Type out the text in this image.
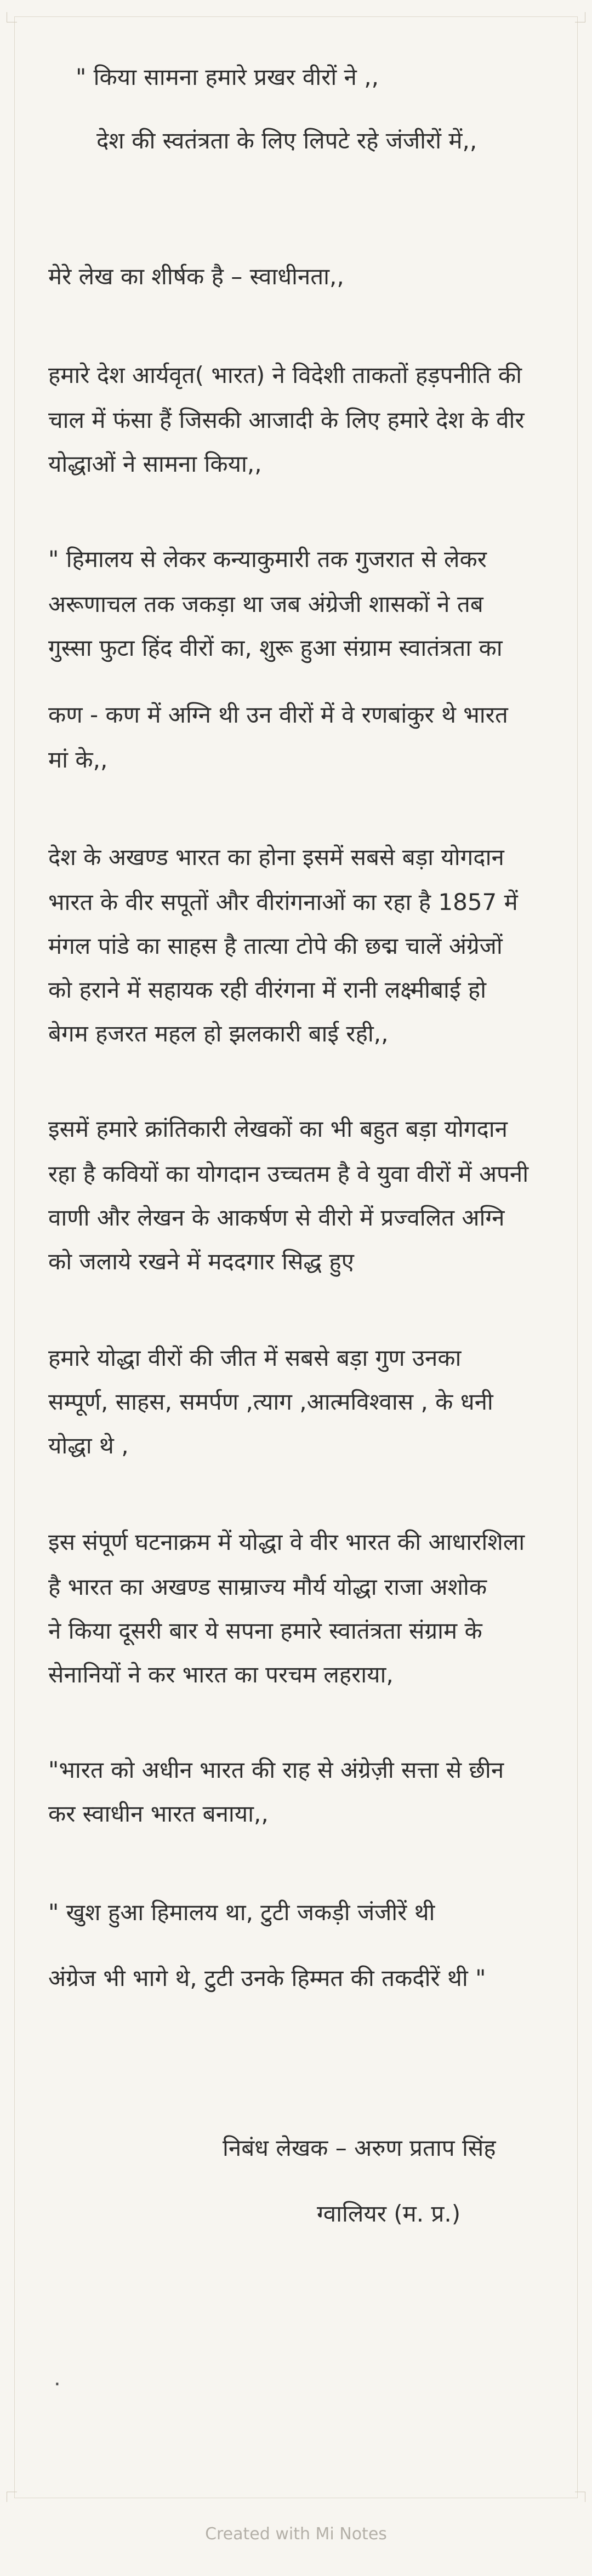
" किया सामना हमारे प्रखर वीरों ने ,,
देश की स्वतंत्रता के लिए लिपटे रहे जंजीरों में,,
मेरे लेख का शीर्षक है – स्वाधीनता,,
हमारे देश आर्यवृत( भारत) ने विदेशी ताकतों हड़पनीति की
चाल में फंसा हैं जिसकी आजादी के लिए हमारे देश के वीर
योद्धाओं ने सामना किया,,
" हिमालय से लेकर कन्याकुमारी तक गुजरात से लेकर
अरूणाचल तक जकड़ा था जब अंग्रेजी शासकों ने तब
गुस्सा फुटा हिंद वीरों का, शुरू हुआ संग्राम स्वातंत्रता का
कण - कण में अग्नि थी उन वीरों में वे रणबांकुर थे भारत
मां के,,
देश के अखण्ड भारत का होना इसमें सबसे बड़ा योगदान
भारत के वीर सपूतों और वीरांगनाओं का रहा है 1857 में
मंगल पांडे का साहस है तात्या टोपे की छद्म चालें अंग्रेजों
को हराने में सहायक रही वीरंगना में रानी लक्ष्मीबाई हो
बेगम हजरत महल हो झलकारी बाई रही,,
इसमें हमारे क्रांतिकारी लेखकों का भी बहुत बड़ा योगदान
रहा है कवियों का योगदान उच्चतम है वे युवा वीरों में अपनी
वाणी और लेखन के आकर्षण से वीरो में प्रज्वलित अग्नि
को जलाये रखने में मददगार सिद्ध हुए
हमारे योद्धा वीरों की जीत में सबसे बड़ा गुण उनका
सम्पूर्ण, साहस, समर्पण ,त्याग ,आत्मविश्वास , के धनी
योद्धा थे ,
इस संपूर्ण घटनाक्रम में योद्धा वे वीर भारत की आधारशिला
है भारत का अखण्ड साम्राज्य मौर्य योद्धा राजा अशोक
ने किया दूसरी बार ये सपना हमारे स्वातंत्रता संग्राम के
सेनानियों ने कर भारत का परचम लहराया,
"भारत को अधीन भारत की राह से अंग्रेज़ी सत्ता से छीन
कर स्वाधीन भारत बनाया,,
" खुश हुआ हिमालय था, टुटी जकड़ी जंजीरें थी
अंग्रेज भी भागे थे, टुटी उनके हिम्मत की तकदीरें थी "
निबंध लेखक – अरुण प्रताप सिंह
ग्वालियर (म. प्र.)
.
Created with Mi Notes
